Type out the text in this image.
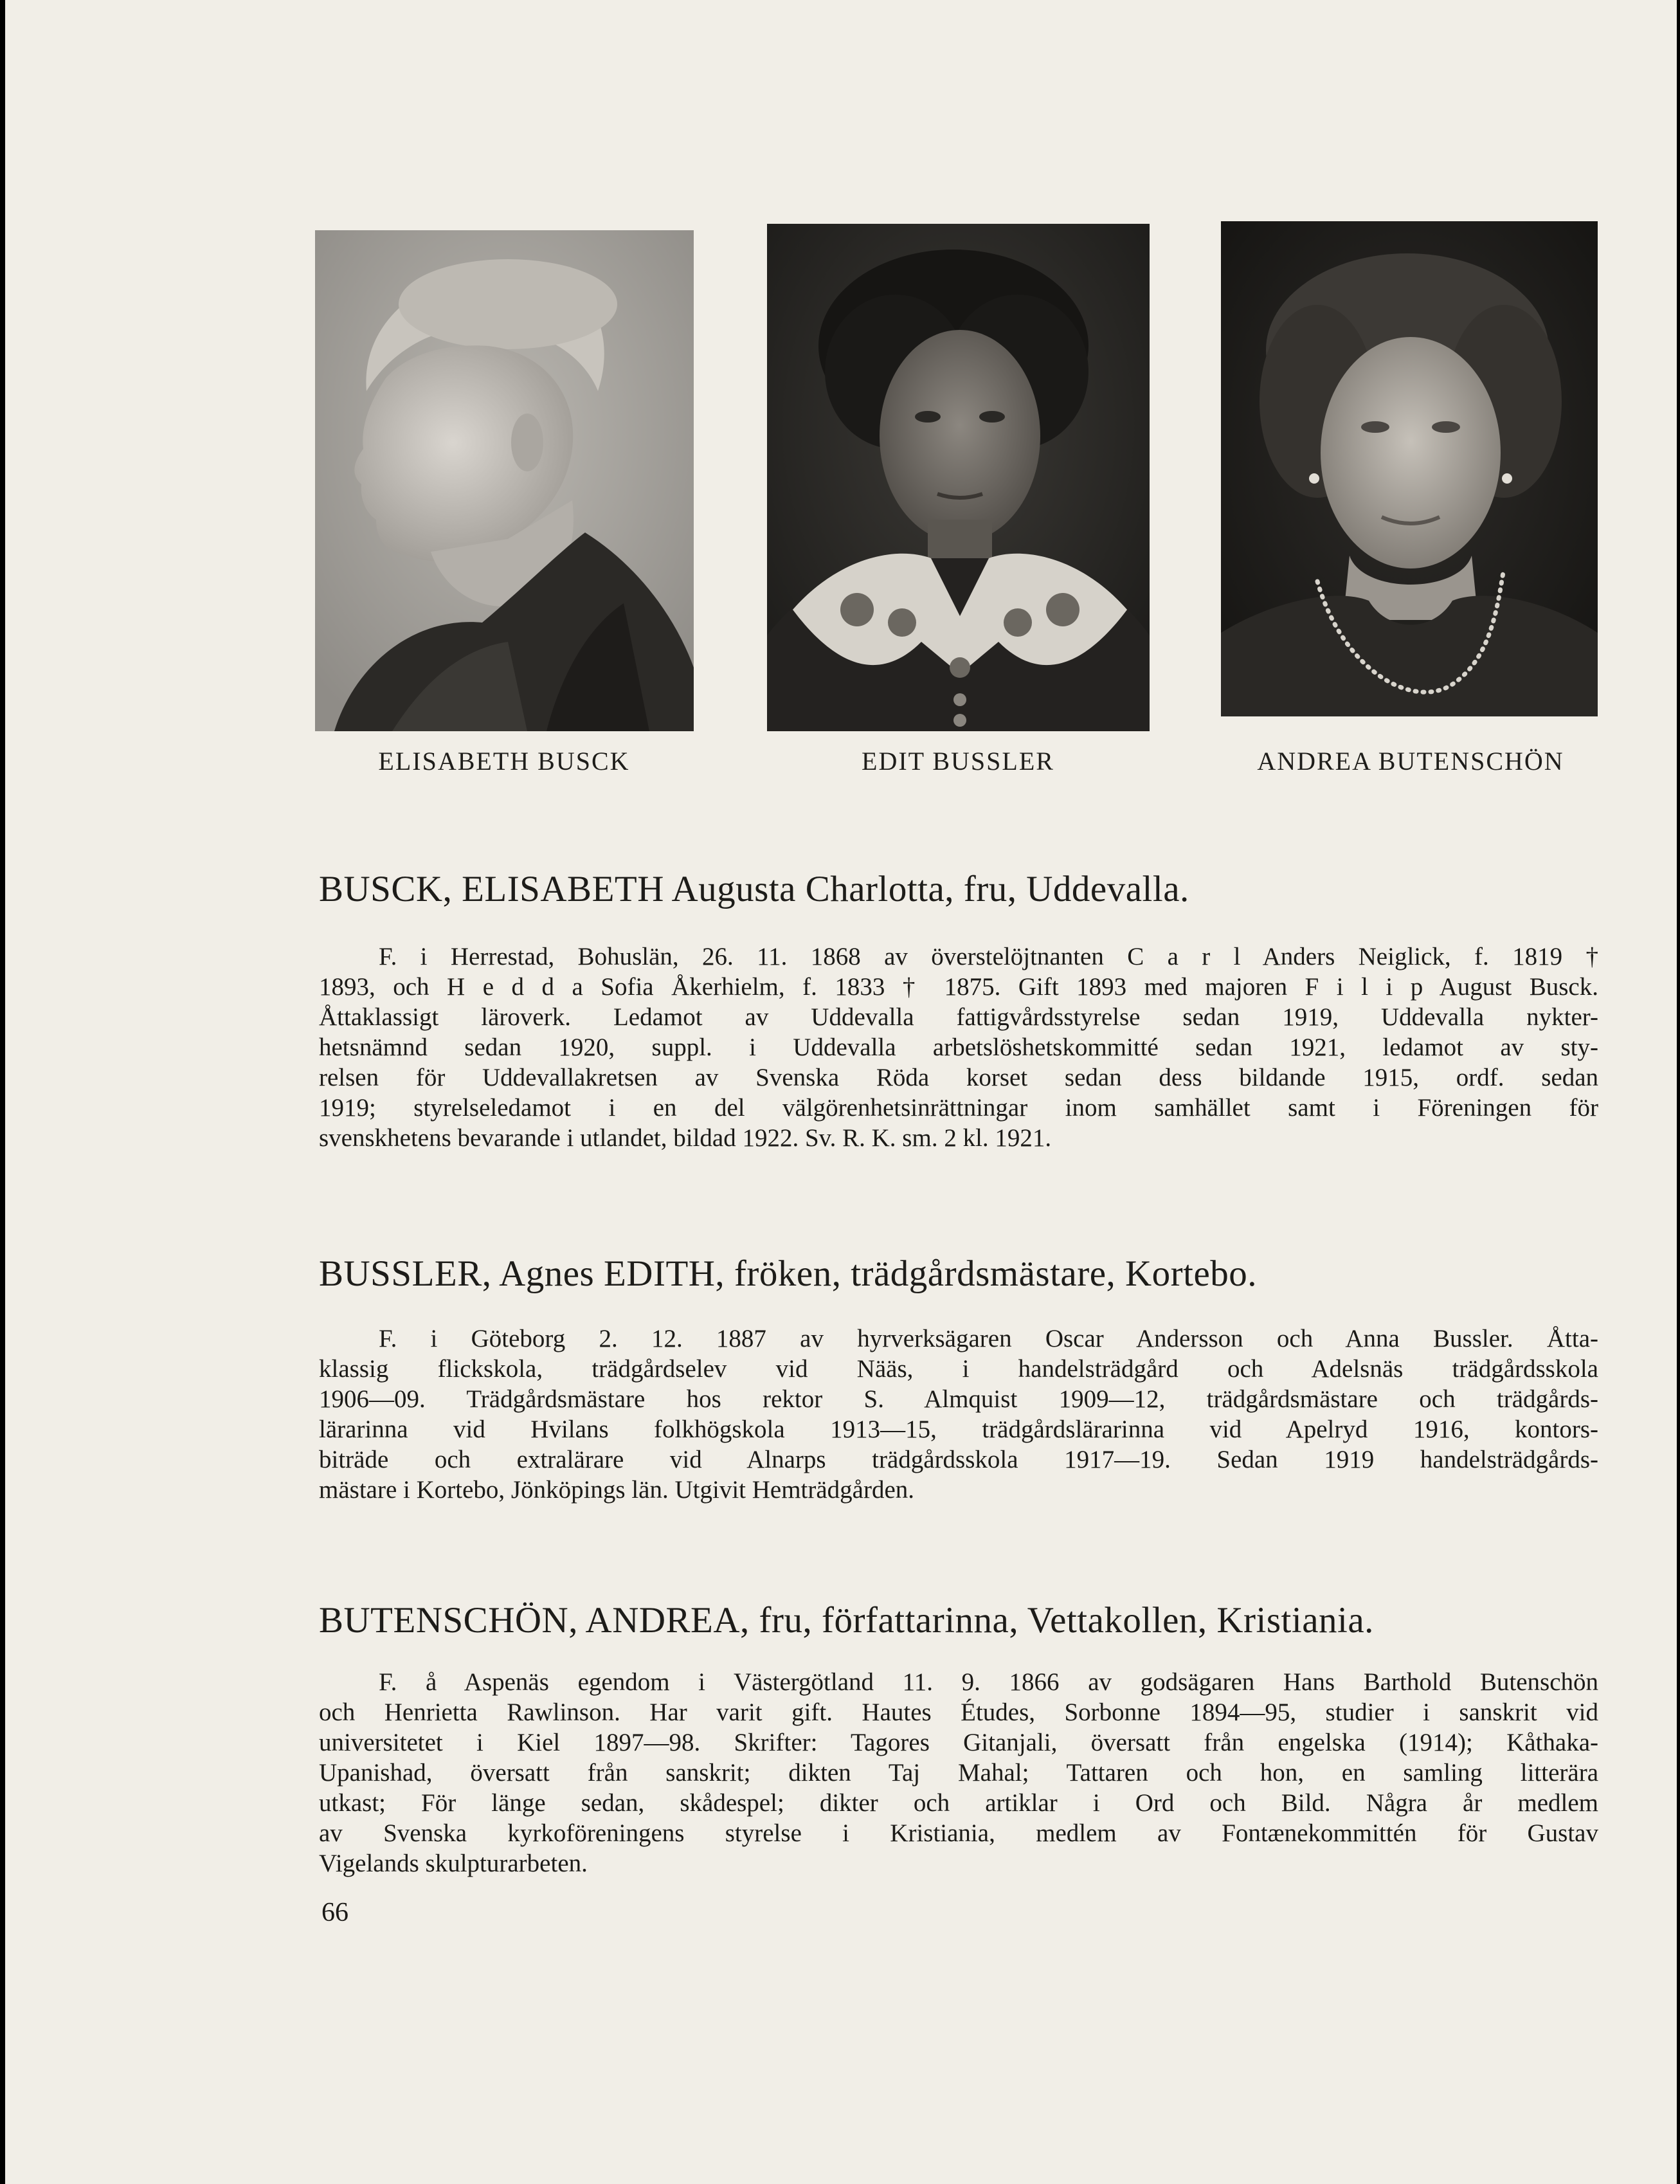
ELISABETH BUSCK	EDIT BUSSLER	ANDREA BUTENSCHÖN
BUSCK, ELISABETH Augusta Charlotta, fru, Uddevalla.
F. i Herrestad, Bohuslän, 26. 11. 1868 av överstelöjtnanten C a r l Anders Neiglick, f. 1819 †
1893, och H e d d a Sofia Åkerhielm, f. 1833 † 1875. Gift 1893 med majoren F i l i p August Busck.
Åttaklassigt läroverk. Ledamot av Uddevalla fattigvårdsstyrelse sedan 1919, Uddevalla nykter-
hetsnämnd sedan 1920, suppl. i Uddevalla arbetslöshetskommitté sedan 1921, ledamot av sty-
relsen för Uddevallakretsen av Svenska Röda korset sedan dess bildande 1915, ordf. sedan
1919; styrelseledamot i en del välgörenhetsinrättningar inom samhället samt i Föreningen för
svenskhetens bevarande i utlandet, bildad 1922. Sv. R. K. sm. 2 kl. 1921.
BUSSLER, Agnes EDITH, fröken, trädgårdsmästare, Kortebo.
F. i Göteborg 2. 12. 1887 av hyrverksägaren Oscar Andersson och Anna Bussler. Åtta-
klassig flickskola, trädgårdselev vid Nääs, i handelsträdgård och Adelsnäs trädgårdsskola
1906—09. Trädgårdsmästare hos rektor S. Almquist 1909—12, trädgårdsmästare och trädgårds-
lärarinna vid Hvilans folkhögskola 1913—15, trädgårdslärarinna vid Apelryd 1916, kontors-
biträde och extralärare vid Alnarps trädgårdsskola 1917—19. Sedan 1919 handelsträdgårds-
mästare i Kortebo, Jönköpings län. Utgivit Hemträdgården.
BUTENSCHÖN, ANDREA, fru, författarinna, Vettakollen, Kristiania.
F. å Aspenäs egendom i Västergötland 11. 9. 1866 av godsägaren Hans Barthold Butenschön
och Henrietta Rawlinson. Har varit gift. Hautes Études, Sorbonne 1894—95, studier i sanskrit vid
universitetet i Kiel 1897—98. Skrifter: Tagores Gitanjali, översatt från engelska (1914); Kåthaka-
Upanishad, översatt från sanskrit; dikten Taj Mahal; Tattaren och hon, en samling litterära
utkast; För länge sedan, skådespel; dikter och artiklar i Ord och Bild. Några år medlem
av Svenska kyrkoföreningens styrelse i Kristiania, medlem av Fontænekommittén för Gustav
Vigelands skulpturarbeten.
66
